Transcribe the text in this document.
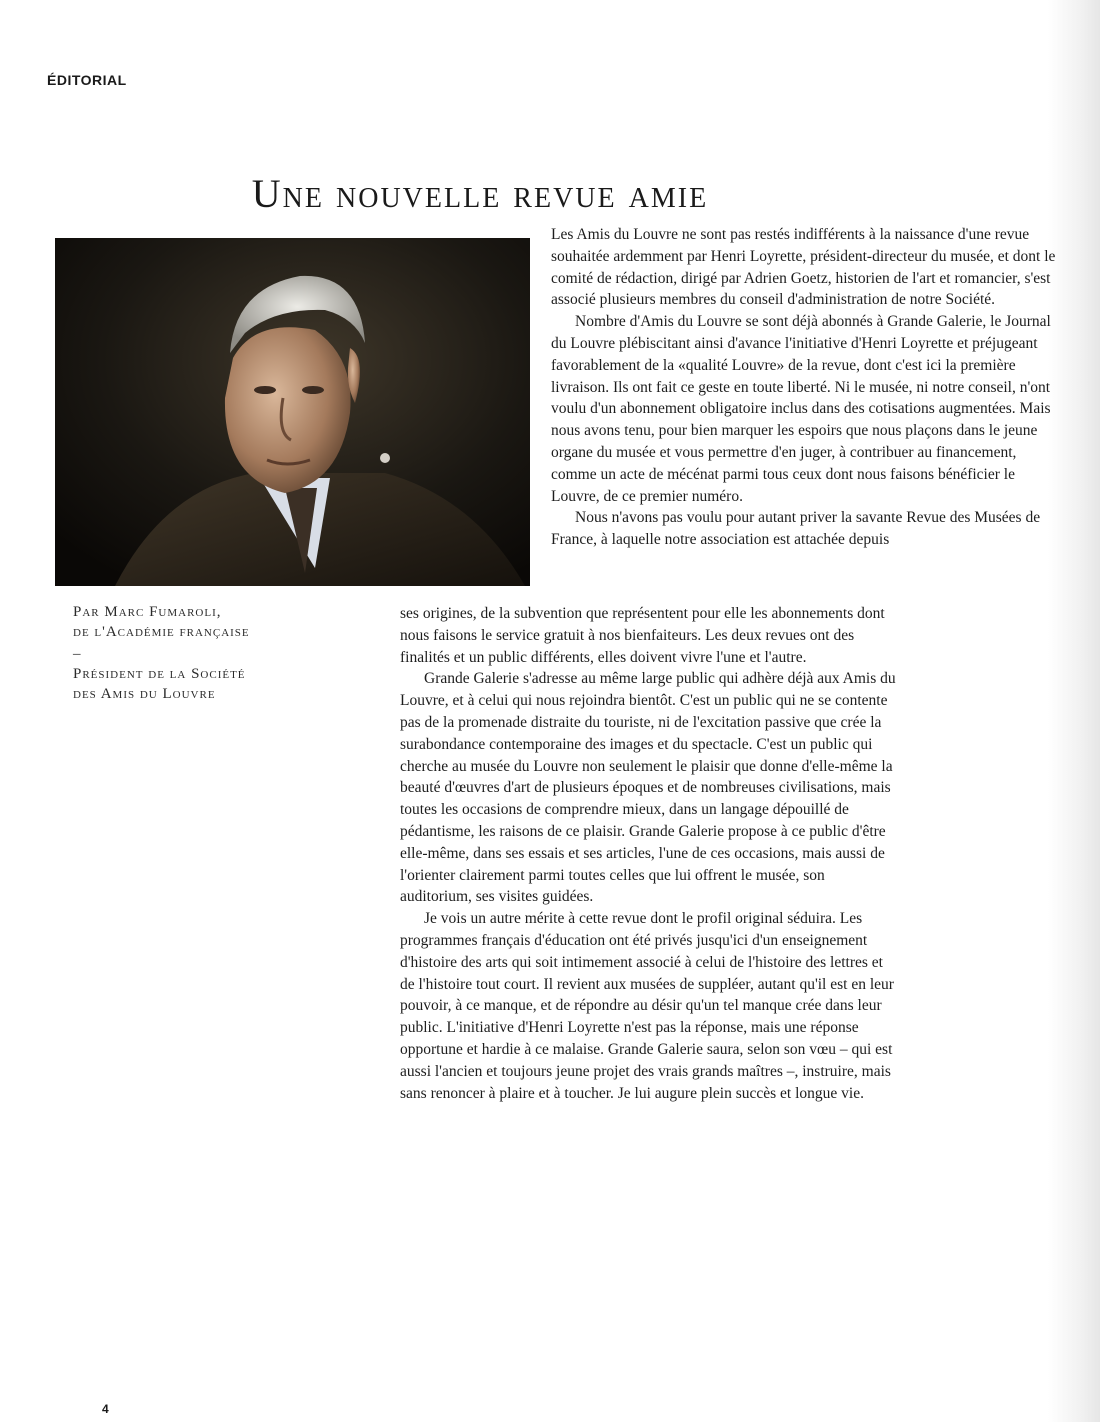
ÉDITORIAL
Une nouvelle revue amie

Par Marc Fumaroli,

de l'Académie française

–

Président de la Société

des Amis du Louvre

Les Amis du Louvre ne sont pas restés indifférents à la naissance d'une revue souhaitée ardemment par Henri Loyrette, président-directeur du musée, et dont le comité de rédaction, dirigé par Adrien Goetz, historien de l'art et romancier, s'est associé plusieurs membres du conseil d'administration de notre Société.

Nombre d'Amis du Louvre se sont déjà abonnés à Grande Galerie, le Journal du Louvre plébiscitant ainsi d'avance l'initiative d'Henri Loyrette et préjugeant favorablement de la «qualité Louvre» de la revue, dont c'est ici la première livraison. Ils ont fait ce geste en toute liberté. Ni le musée, ni notre conseil, n'ont voulu d'un abonnement obligatoire inclus dans des cotisations augmentées. Mais nous avons tenu, pour bien marquer les espoirs que nous plaçons dans le jeune organe du musée et vous permettre d'en juger, à contribuer au financement, comme un acte de mécénat parmi tous ceux dont nous faisons bénéficier le Louvre, de ce premier numéro.

Nous n'avons pas voulu pour autant priver la savante Revue des Musées de France, à laquelle notre association est attachée depuis

ses origines, de la subvention que représentent pour elle les abonnements dont nous faisons le service gratuit à nos bienfaiteurs. Les deux revues ont des finalités et un public différents, elles doivent vivre l'une et l'autre.

Grande Galerie s'adresse au même large public qui adhère déjà aux Amis du Louvre, et à celui qui nous rejoindra bientôt. C'est un public qui ne se contente pas de la promenade distraite du touriste, ni de l'excitation passive que crée la surabondance contemporaine des images et du spectacle. C'est un public qui cherche au musée du Louvre non seulement le plaisir que donne d'elle-même la beauté d'œuvres d'art de plusieurs époques et de nombreuses civilisations, mais toutes les occasions de comprendre mieux, dans un langage dépouillé de pédantisme, les raisons de ce plaisir. Grande Galerie propose à ce public d'être elle-même, dans ses essais et ses articles, l'une de ces occasions, mais aussi de l'orienter clairement parmi toutes celles que lui offrent le musée, son auditorium, ses visites guidées.

Je vois un autre mérite à cette revue dont le profil original séduira. Les programmes français d'éducation ont été privés jusqu'ici d'un enseignement d'histoire des arts qui soit intimement associé à celui de l'histoire des lettres et de l'histoire tout court. Il revient aux musées de suppléer, autant qu'il est en leur pouvoir, à ce manque, et de répondre au désir qu'un tel manque crée dans leur public. L'initiative d'Henri Loyrette n'est pas la réponse, mais une réponse opportune et hardie à ce malaise. Grande Galerie saura, selon son vœu – qui est aussi l'ancien et toujours jeune projet des vrais grands maîtres –, instruire, mais sans renoncer à plaire et à toucher. Je lui augure plein succès et longue vie.

4
